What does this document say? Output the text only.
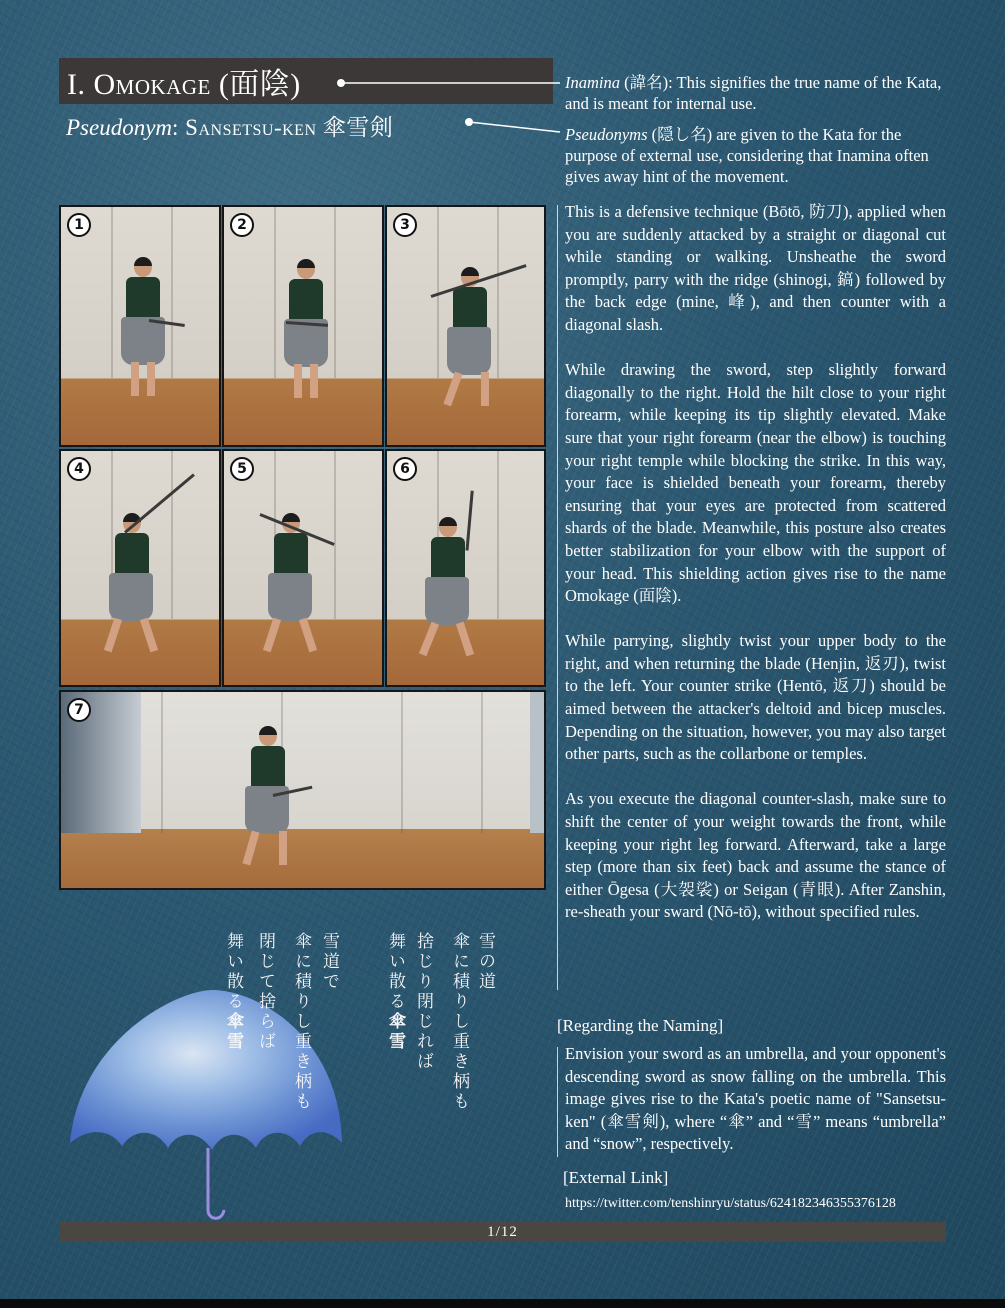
I. Omokage (面陰)
Pseudonym: Sansetsu-ken 傘雪剣
Inamina (諱名): This signifies the true name of the Kata, and is meant for internal use.
Pseudonyms (隠し名) are given to the Kata for the purpose of external use, considering that Inamina often gives away hint of the movement.
1	2	3
4	5	6
7

This is a defensive technique (Bōtō, 防刀), applied when you are suddenly attacked by a straight or diagonal cut while standing or walking. Unsheathe the sword promptly, parry with the ridge (shinogi, 鎬) followed by the back edge (mine, 峰), and then counter with a diagonal slash.

While drawing the sword, step slightly forward diagonally to the right. Hold the hilt close to your right forearm, while keeping its tip slightly elevated. Make sure that your right forearm (near the elbow) is touching your right temple while blocking the strike. In this way, your face is shielded beneath your forearm, thereby ensuring that your eyes are protected from scattered shards of the blade. Meanwhile, this posture also creates better stabilization for your elbow with the support of your head. This shielding action gives rise to the name Omokage (面陰).

While parrying, slightly twist your upper body to the right, and when returning the blade (Henjin, 返刃), twist to the left. Your counter strike (Hentō, 返刀) should be aimed between the attacker's deltoid and bicep muscles. Depending on the situation, however, you may also target other parts, such as the collarbone or temples.

As you execute the diagonal counter-slash, make sure to shift the center of your weight towards the front, while keeping your right leg forward. Afterward, take a large step (more than six feet) back and assume the stance of either Ōgesa (大袈裟) or Seigan (青眼). After Zanshin, re-sheath your sward (Nō-tō), without specified rules.

[Regarding the Naming]
Envision your sword as an umbrella, and your opponent's descending sword as snow falling on the umbrella. This image gives rise to the Kata's poetic name of "Sansetsu-ken" (傘雪剣), where “傘” and “雪” means “umbrella” and “snow”, respectively.
[External Link]
https://twitter.com/tenshinryu/status/624182346355376128
雪の道
傘に積りし重き柄も
捨じり閉じれば
舞い散る傘雪
雪道で
傘に積りし重き柄も
閉じて捨らば
舞い散る傘雪
1/12
